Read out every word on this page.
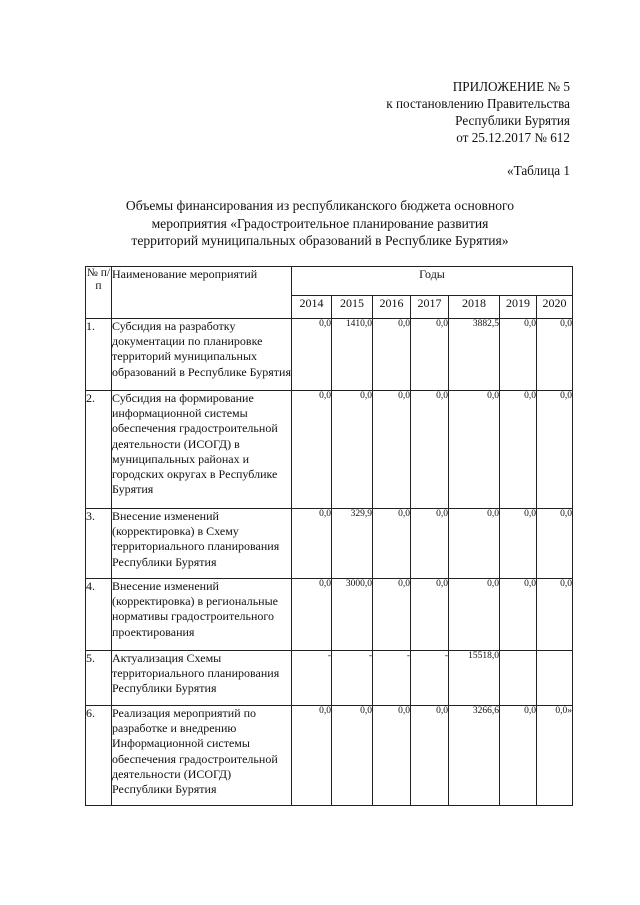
ПРИЛОЖЕНИЕ № 5
к постановлению Правительства
Республики Бурятия
от 25.12.2017 № 612
«Таблица 1
Объемы финансирования из республиканского бюджета основного
мероприятия «Градостроительное планирование развития
территорий муниципальных образований в Республике Бурятия»
№ п/п	Наименование мероприятий	Годы						
		2014	2015	2016	2017	2018	2019	2020
1.	Субсидия на разработку документации по планировке территорий муниципальных образований в Республике Бурятия	0,0	1410,0	0,0	0,0	3882,5	0,0	0,0
2.	Субсидия на формирование информационной системы обеспечения градостроительной деятельности (ИСОГД) в муниципальных районах и городских округах в Республике Бурятия	0,0	0,0	0,0	0,0	0,0	0,0	0,0
3.	Внесение изменений (корректировка) в Схему территориального планирования Республики Бурятия	0,0	329,9	0,0	0,0	0,0	0,0	0,0
4.	Внесение изменений (корректировка) в региональные нормативы градостроительного проектирования	0,0	3000,0	0,0	0,0	0,0	0,0	0,0
5.	Актуализация Схемы территориального планирования Республики Бурятия	-	-	-	-	15518,0		
6.	Реализация мероприятий по разработке и внедрению Информационной системы обеспечения градостроительной деятельности (ИСОГД) Республики Бурятия	0,0	0,0	0,0	0,0	3266,6	0,0	0,0»
